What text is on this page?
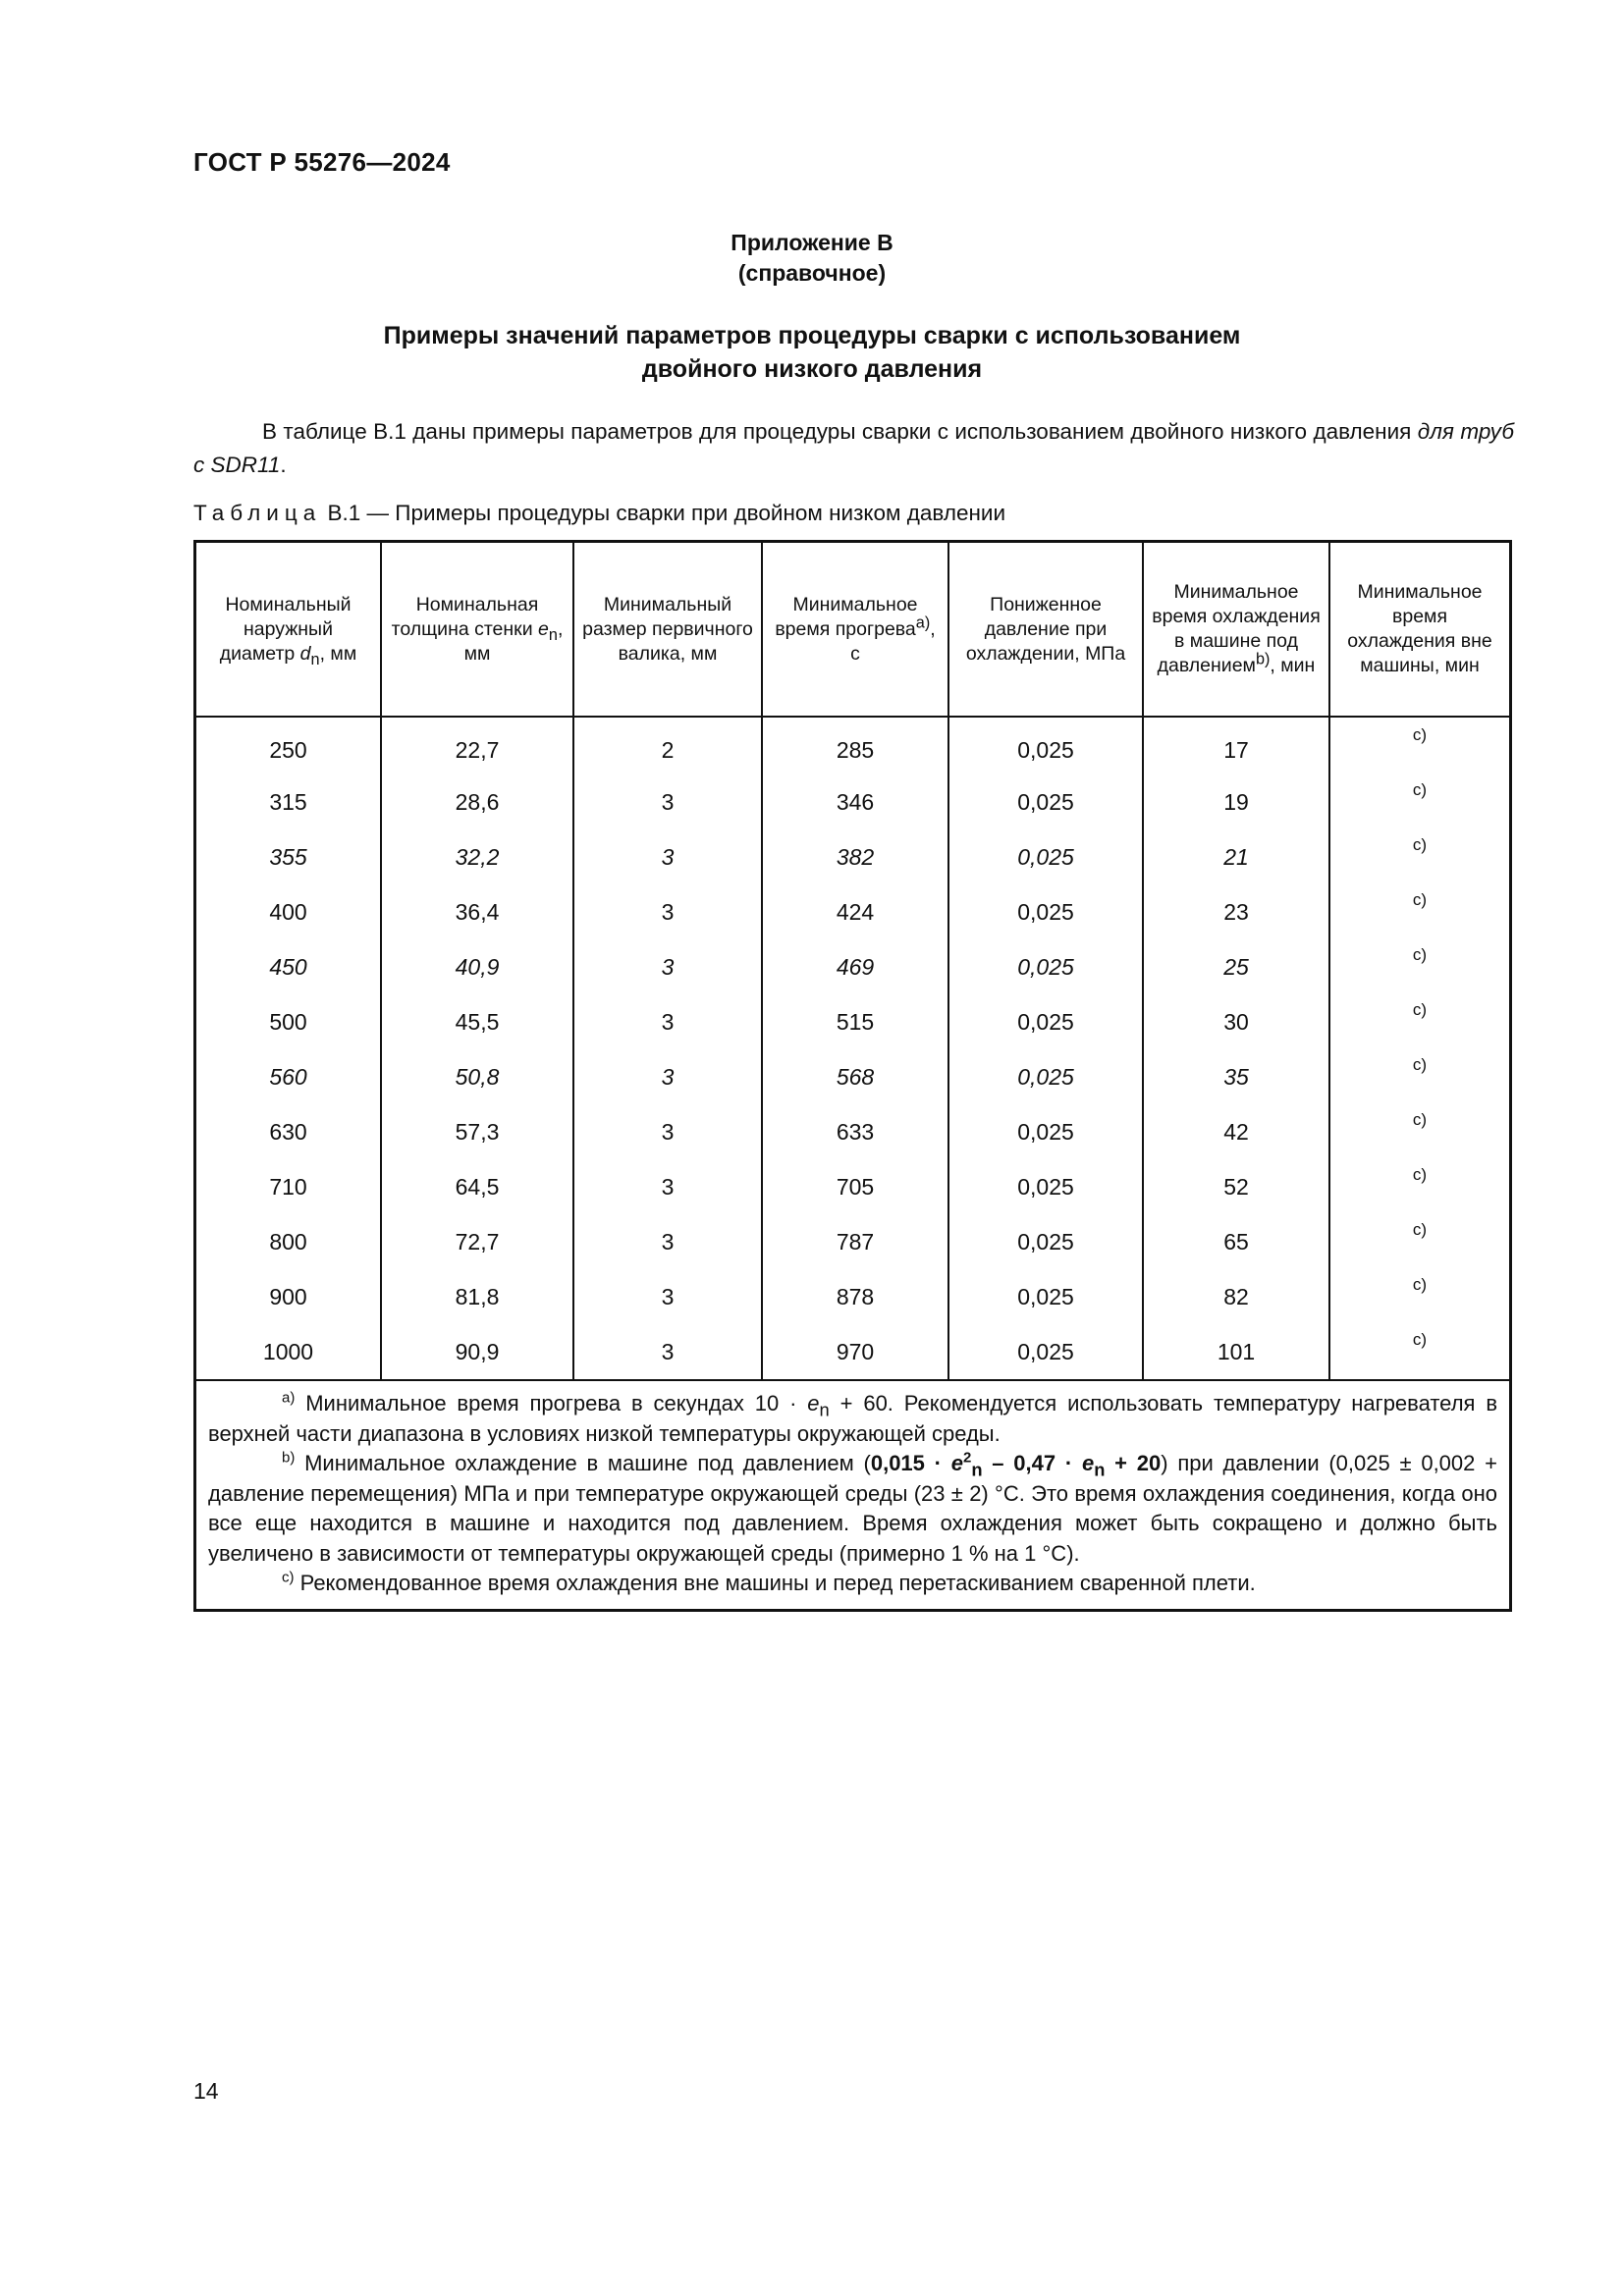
ГОСТ Р 55276—2024
Приложение В
(справочное)
Примеры значений параметров процедуры сварки с использованием
двойного низкого давления

В таблице В.1 даны примеры параметров для процедуры сварки с использованием двойного низкого давления для труб с SDR11.

Таблица В.1 — Примеры процедуры сварки при двойном низком давлении
Номинальный наружный диаметр $d_n$, мм	Номинальная толщина стенки $e_n$, мм	Минимальный размер первичного валика, мм	Минимальное время прогрева$^{a)}$, с	Пониженное давление при охлаждении, МПа	Минимальное время охлаждения в машине под давлением$^{b)}$, мин	Минимальное время охлаждения вне машины, мин
250	22,7	2	285	0,025	17	c)
315	28,6	3	346	0,025	19	c)
355	32,2	3	382	0,025	21	c)
400	36,4	3	424	0,025	23	c)
450	40,9	3	469	0,025	25	c)
500	45,5	3	515	0,025	30	c)
560	50,8	3	568	0,025	35	c)
630	57,3	3	633	0,025	42	c)
710	64,5	3	705	0,025	52	c)
800	72,7	3	787	0,025	65	c)
900	81,8	3	878	0,025	82	c)
1000	90,9	3	970	0,025	101	c)

$^{a)}$ Минимальное время прогрева в секундах $10 \cdot e_n + 60$. Рекомендуется использовать температуру нагревателя в верхней части диапазона в условиях низкой температуры окружающей среды.

$^{b)}$ Минимальное охлаждение в машине под давлением $(0,015 \cdot e^2_n - 0,47 \cdot e_n + 20)$ при давлении (0,025 ± 0,002 + давление перемещения) МПа и при температуре окружающей среды (23 ± 2) °С. Это время охлаждения соединения, когда оно все еще находится в машине и находится под давлением. Время охлаждения может быть сокращено и должно быть увеличено в зависимости от температуры окружающей среды (примерно 1 % на 1 °С).

$^{c)}$ Рекомендованное время охлаждения вне машины и перед перетаскиванием сваренной плети.

14
